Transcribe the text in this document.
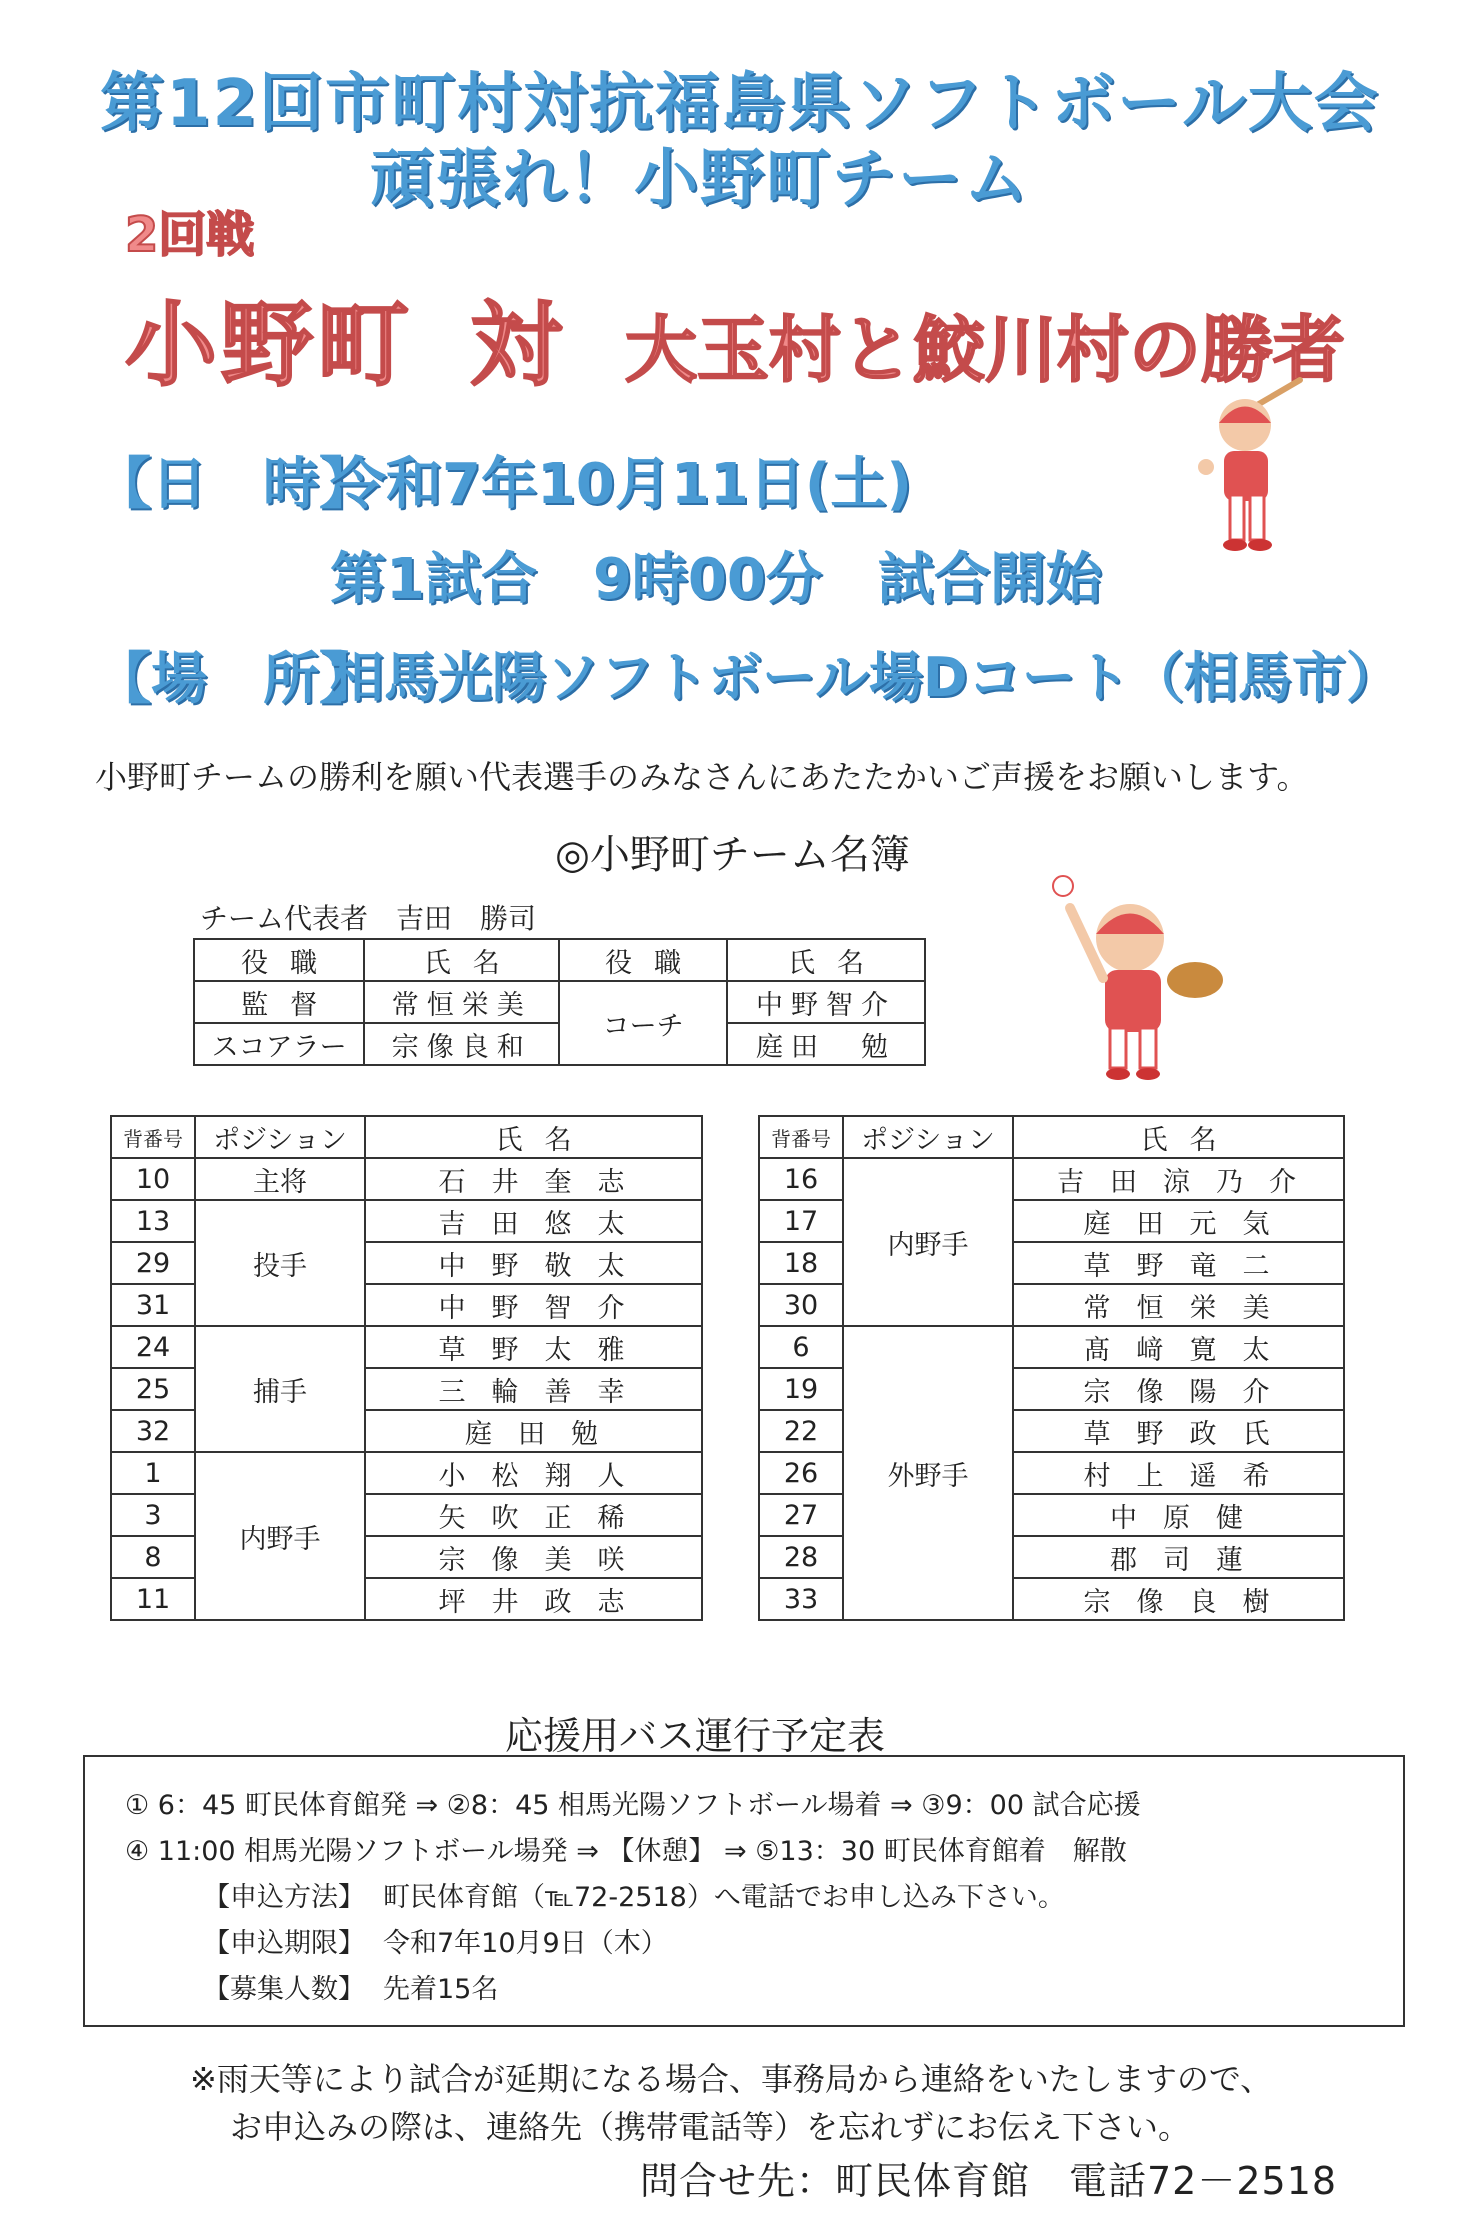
第12回市町村対抗福島県ソフトボール大会
頑張れ！小野町チーム
2回戦
小野町 対 大玉村と鮫川村の勝者
【日　時】
令和7年10月11日(土)
第1試合　9時00分　試合開始
【場　所】
相馬光陽ソフトボール場Dコート（相馬市）
小野町チームの勝利を願い代表選手のみなさんにあたたかいご声援をお願いします。
◎小野町チーム名簿
チーム代表者　吉田　勝司
役職	氏名	役職	氏名
監督	常恒栄美	コーチ	中野智介
スコアラー	宗像良和		庭田　勉
背番号	ポジション	氏名
10	主将	石井奎志
13	投手	吉田悠太
29		中野敬太
31		中野智介
24	捕手	草野太雅
25		三輪善幸
32		庭田勉
1	内野手	小松翔人
3		矢吹正稀
8		宗像美咲
11		坪井政志
背番号	ポジション	氏名
16	内野手	吉田涼乃介
17		庭田元気
18		草野竜二
30		常恒栄美
6	外野手	髙﨑寛太
19		宗像陽介
22		草野政氏
26		村上遥希
27		中原健
28		郡司蓮
33		宗像良樹
応援用バス運行予定表
① 6：45 町民体育館発 ⇒ ②8：45 相馬光陽ソフトボール場着 ⇒ ③9：00 試合応援
④ 11:00 相馬光陽ソフトボール場発 ⇒ 【休憩】 ⇒ ⑤13：30 町民体育館着　解散
【申込方法】 町民体育館（℡72-2518）へ電話でお申し込み下さい。
【申込期限】 令和7年10月9日（木）
【募集人数】 先着15名
※雨天等により試合が延期になる場合、事務局から連絡をいたしますので、
お申込みの際は、連絡先（携帯電話等）を忘れずにお伝え下さい。
問合せ先：町民体育館　電話72－2518
